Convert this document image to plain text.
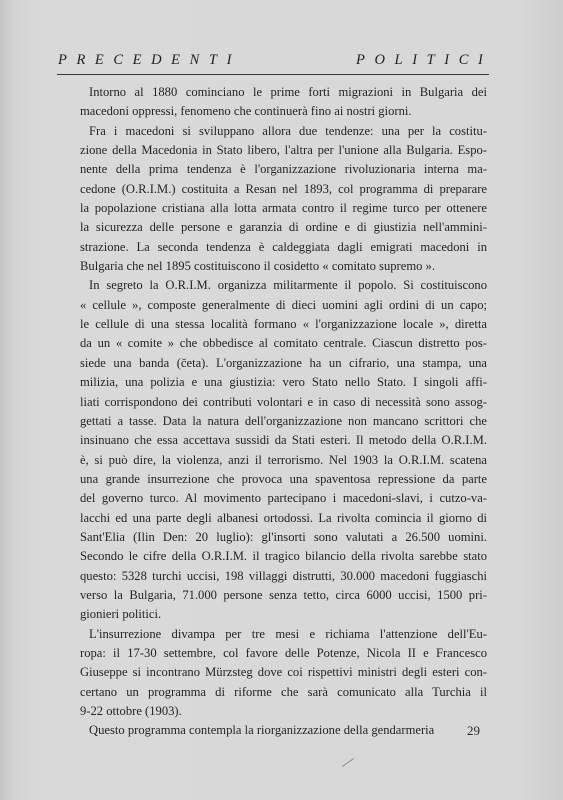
PRECEDENTI	POLITICI
Intorno al 1880 cominciano le prime forti migrazioni in Bulgaria dei
macedoni oppressi, fenomeno che continuerà fino ai nostri giorni.
Fra i macedoni si sviluppano allora due tendenze: una per la costitu-
zione della Macedonia in Stato libero, l'altra per l'unione alla Bulgaria. Espo-
nente della prima tendenza è l'organizzazione rivoluzionaria interna ma-
cedone (O.R.I.M.) costituita a Resan nel 1893, col programma di preparare
la popolazione cristiana alla lotta armata contro il regime turco per ottenere
la sicurezza delle persone e garanzia di ordine e di giustizia nell'ammini-
strazione. La seconda tendenza è caldeggiata dagli emigrati macedoni in
Bulgaria che nel 1895 costituiscono il cosidetto « comitato supremo ».
In segreto la O.R.I.M. organizza militarmente il popolo. Si costituiscono
« cellule », composte generalmente di dieci uomini agli ordini di un capo;
le cellule di una stessa località formano « l'organizzazione locale », diretta
da un « comite » che obbedisce al comitato centrale. Ciascun distretto pos-
siede una banda (četa). L'organizzazione ha un cifrario, una stampa, una
milizia, una polizia e una giustizia: vero Stato nello Stato. I singoli affi-
liati corrispondono dei contributi volontari e in caso di necessità sono assog-
gettati a tasse. Data la natura dell'organizzazione non mancano scrittori che
insinuano che essa accettava sussidi da Stati esteri. Il metodo della O.R.I.M.
è, si può dire, la violenza, anzi il terrorismo. Nel 1903 la O.R.I.M. scatena
una grande insurrezione che provoca una spaventosa repressione da parte
del governo turco. Al movimento partecipano i macedoni-slavi, i cutzo-va-
lacchi ed una parte degli albanesi ortodossi. La rivolta comincia il giorno di
Sant'Elia (Ilin Den: 20 luglio): gl'insorti sono valutati a 26.500 uomini.
Secondo le cifre della O.R.I.M. il tragico bilancio della rivolta sarebbe stato
questo: 5328 turchi uccisi, 198 villaggi distrutti, 30.000 macedoni fuggiaschi
verso la Bulgaria, 71.000 persone senza tetto, circa 6000 uccisi, 1500 pri-
gionieri politici.
L'insurrezione divampa per tre mesi e richiama l'attenzione dell'Eu-
ropa: il 17-30 settembre, col favore delle Potenze, Nicola II e Francesco
Giuseppe si incontrano Mürzsteg dove coi rispettivi ministri degli esteri con-
certano un programma di riforme che sarà comunicato alla Turchia il
9-22 ottobre (1903).
Questo programma contempla la riorganizzazione della gendarmeria	29
